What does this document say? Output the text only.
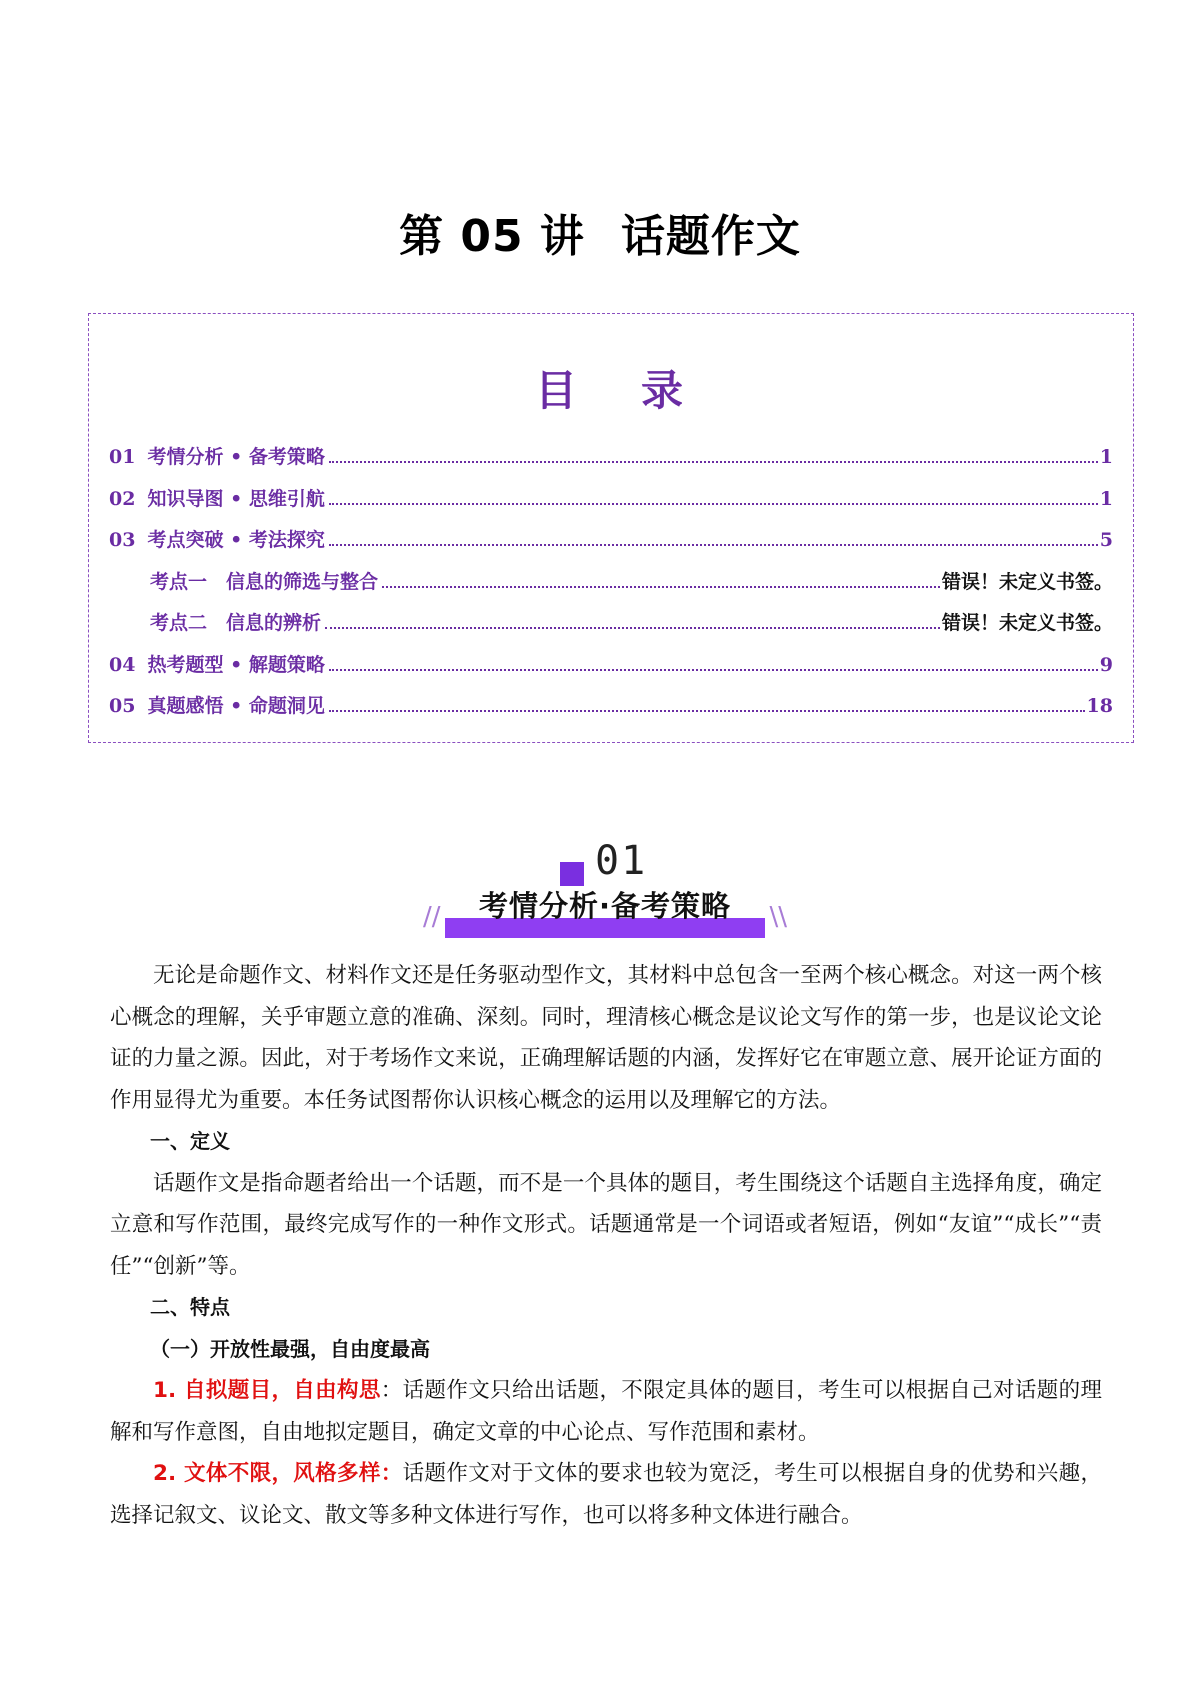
第 05 讲 话题作文
目 录
01 考情分析 • 备考策略	1
02 知识导图 • 思维引航	1
03 考点突破 • 考法探究	5
考点一　信息的筛选与整合	错误！未定义书签。
考点二　信息的辨析	错误！未定义书签。
04 热考题型 • 解题策略	9
05 真题感悟 • 命题洞见	18
01
//	考情分析·备考策略	\\

无论是命题作文、材料作文还是任务驱动型作文，其材料中总包含一至两个核心概念。对这一两个核心概念的理解，关乎审题立意的准确、深刻。同时，理清核心概念是议论文写作的第一步，也是议论文论证的力量之源。因此，对于考场作文来说，正确理解话题的内涵，发挥好它在审题立意、展开论证方面的作用显得尤为重要。本任务试图帮你认识核心概念的运用以及理解它的方法。

一、定义

话题作文是指命题者给出一个话题，而不是一个具体的题目，考生围绕这个话题自主选择角度，确定立意和写作范围，最终完成写作的一种作文形式。话题通常是一个词语或者短语，例如“友谊”“成长”“责任”“创新”等。

二、特点

（一）开放性最强，自由度最高

1. 自拟题目，自由构思：话题作文只给出话题，不限定具体的题目，考生可以根据自己对话题的理解和写作意图，自由地拟定题目，确定文章的中心论点、写作范围和素材。

2. 文体不限，风格多样：话题作文对于文体的要求也较为宽泛，考生可以根据自身的优势和兴趣，选择记叙文、议论文、散文等多种文体进行写作，也可以将多种文体进行融合。
